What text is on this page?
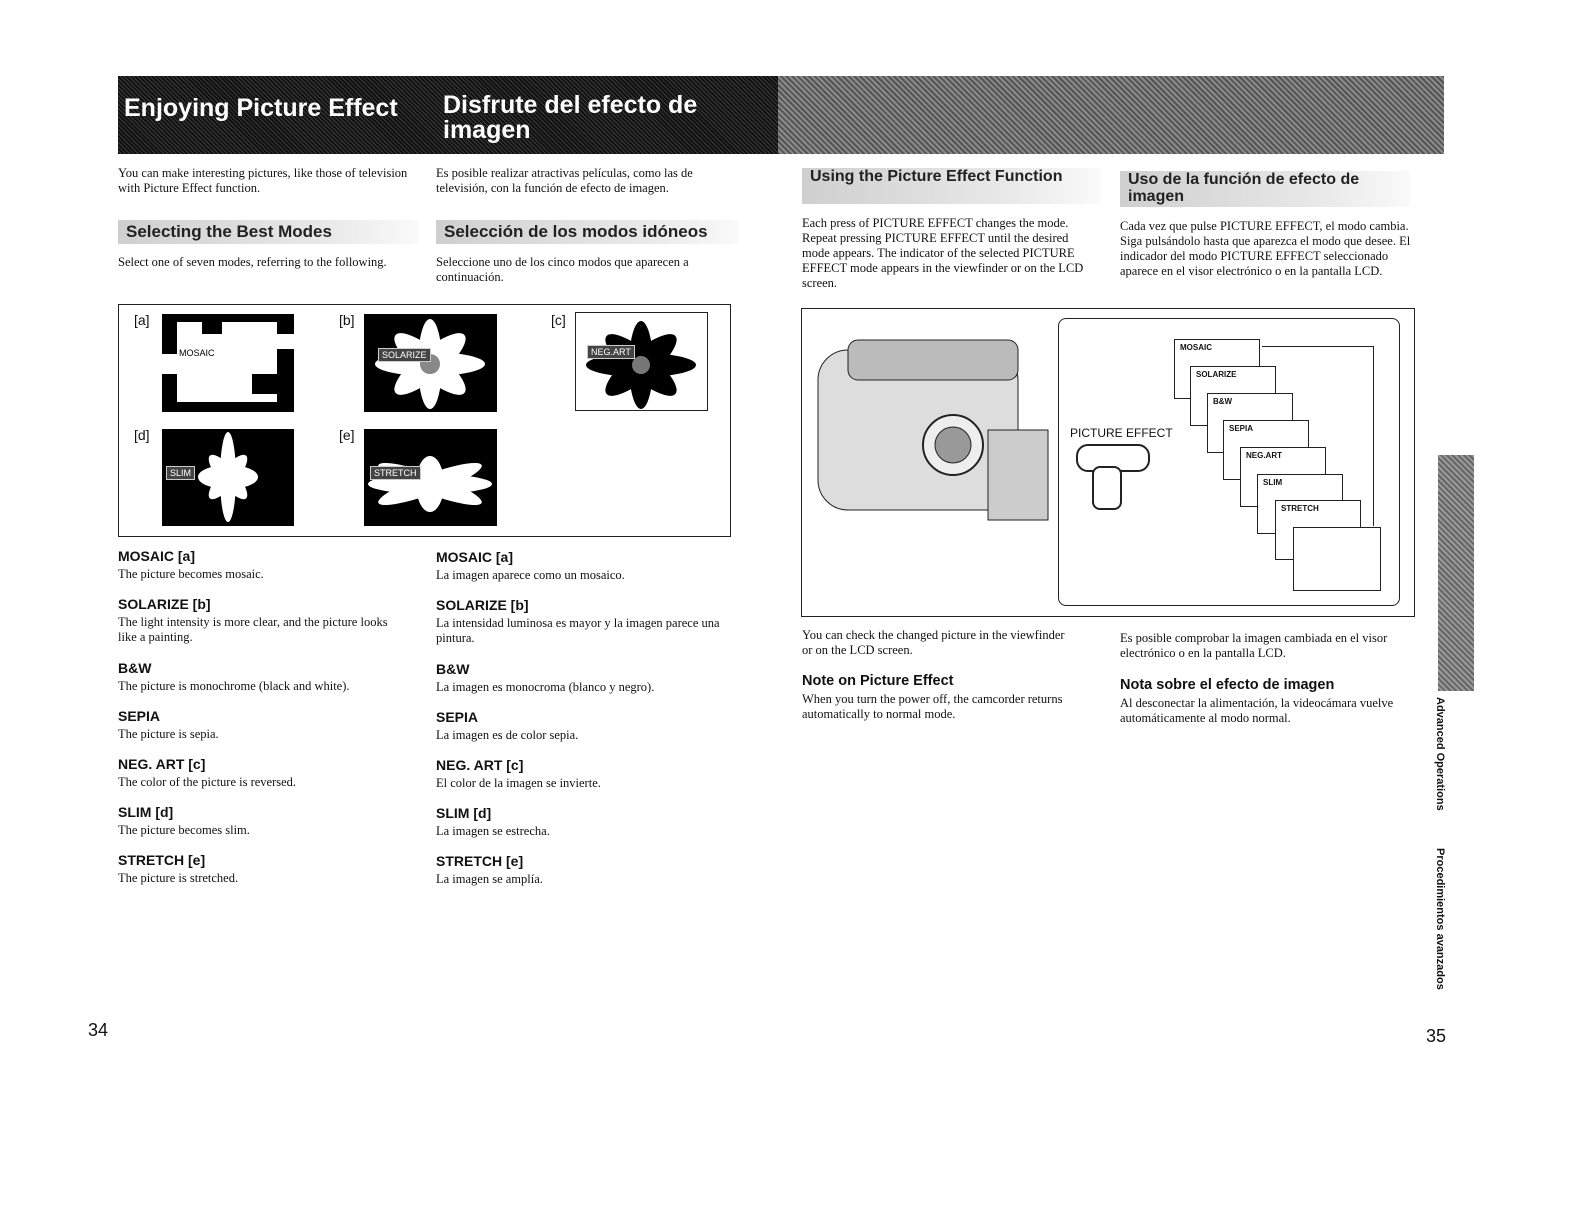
Enjoying Picture Effect	Disfrute del efecto de imagen
You can make interesting pictures, like those of television with Picture Effect function.
Es posible realizar atractivas películas, como las de televisión, con la función de efecto de imagen.
Selecting the Best Modes	Selección de los modos idóneos
Select one of seven modes, referring to the following.	Seleccione uno de los cinco modos que aparecen a continuación.
[a]
MOSAIC
[b]
SOLARIZE
[c]
NEG.ART
[d]
SLIM
[e]
STRETCH
MOSAIC [a]
The picture becomes mosaic.
SOLARIZE [b]
The light intensity is more clear, and the picture looks like a painting.
B&W
The picture is monochrome (black and white).
SEPIA
The picture is sepia.
NEG. ART [c]
The color of the picture is reversed.
SLIM [d]
The picture becomes slim.
STRETCH [e]
The picture is stretched.
MOSAIC [a]
La imagen aparece como un mosaico.
SOLARIZE [b]
La intensidad luminosa es mayor y la imagen parece una pintura.
B&W
La imagen es monocroma (blanco y negro).
SEPIA
La imagen es de color sepia.
NEG. ART [c]
El color de la imagen se invierte.
SLIM [d]
La imagen se estrecha.
STRETCH [e]
La imagen se amplía.
34
Using the Picture Effect Function	Uso de la función de efecto de imagen
Each press of PICTURE EFFECT changes the mode. Repeat pressing PICTURE EFFECT until the desired mode appears. The indicator of the selected PICTURE EFFECT mode appears in the viewfinder or on the LCD screen.
Cada vez que pulse PICTURE EFFECT, el modo cambia. Siga pulsándolo hasta que aparezca el modo que desee. El indicador del modo PICTURE EFFECT seleccionado aparece en el visor electrónico o en la pantalla LCD.
PICTURE EFFECT
MOSAIC
SOLARIZE
B&W
SEPIA
NEG.ART
SLIM
STRETCH
You can check the changed picture in the viewfinder or on the LCD screen.
Es posible comprobar la imagen cambiada en el visor electrónico o en la pantalla LCD.
Note on Picture Effect
When you turn the power off, the camcorder returns automatically to normal mode.
Nota sobre el efecto de imagen
Al desconectar la alimentación, la videocámara vuelve automáticamente al modo normal.	Advanced Operations
Procedimientos avanzados
35
